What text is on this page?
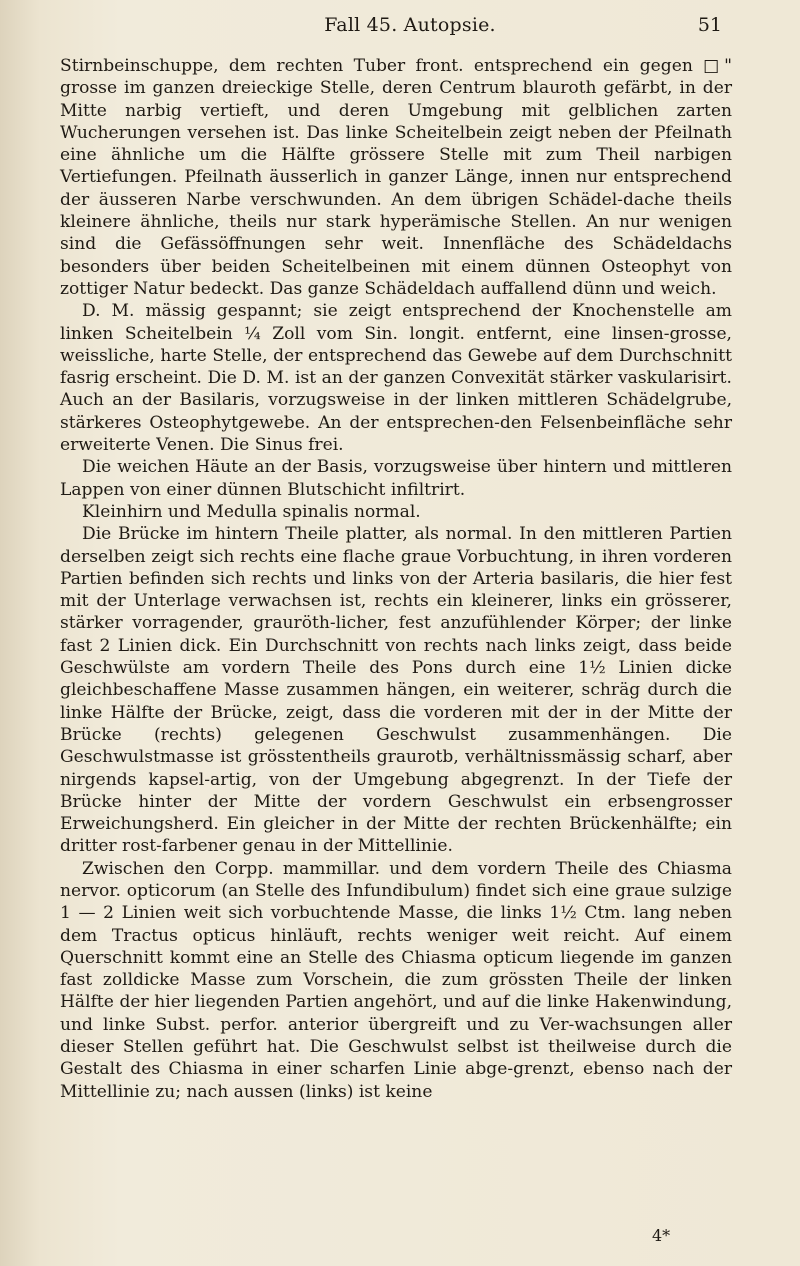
Fall 45. Autopsie.	51

Stirnbeinschuppe, dem rechten Tuber front. entsprechend ein gegen □" grosse im ganzen dreieckige Stelle, deren Centrum blauroth gefärbt, in der Mitte narbig vertieft, und deren Umgebung mit gelblichen zarten Wucherungen versehen ist. Das linke Scheitelbein zeigt neben der Pfeilnath eine ähnliche um die Hälfte grössere Stelle mit zum Theil narbigen Vertiefungen. Pfeilnath äusserlich in ganzer Länge, innen nur entsprechend der äusseren Narbe verschwunden. An dem übrigen Schädel-dache theils kleinere ähnliche, theils nur stark hyperämische Stellen. An nur wenigen sind die Gefässöffnungen sehr weit. Innenfläche des Schädeldachs besonders über beiden Scheitelbeinen mit einem dünnen Osteophyt von zottiger Natur bedeckt. Das ganze Schädeldach auffallend dünn und weich.

D. M. mässig gespannt; sie zeigt entsprechend der Knochenstelle am linken Scheitelbein ¼ Zoll vom Sin. longit. entfernt, eine linsen-grosse, weissliche, harte Stelle, der entsprechend das Gewebe auf dem Durchschnitt fasrig erscheint. Die D. M. ist an der ganzen Convexität stärker vaskularisirt. Auch an der Basilaris, vorzugsweise in der linken mittleren Schädelgrube, stärkeres Osteophytgewebe. An der entsprechen-den Felsenbeinfläche sehr erweiterte Venen. Die Sinus frei.

Die weichen Häute an der Basis, vorzugsweise über hintern und mittleren Lappen von einer dünnen Blutschicht infiltrirt.

Kleinhirn und Medulla spinalis normal.

Die Brücke im hintern Theile platter, als normal. In den mittleren Partien derselben zeigt sich rechts eine flache graue Vorbuchtung, in ihren vorderen Partien befinden sich rechts und links von der Arteria basilaris, die hier fest mit der Unterlage verwachsen ist, rechts ein kleinerer, links ein grösserer, stärker vorragender, grauröth-licher, fest anzufühlender Körper; der linke fast 2 Linien dick. Ein Durchschnitt von rechts nach links zeigt, dass beide Geschwülste am vordern Theile des Pons durch eine 1½ Linien dicke gleichbeschaffene Masse zusammen hängen, ein weiterer, schräg durch die linke Hälfte der Brücke, zeigt, dass die vorderen mit der in der Mitte der Brücke (rechts) gelegenen Geschwulst zusammenhängen. Die Geschwulstmasse ist grösstentheils graurotb, verhältnissmässig scharf, aber nirgends kapsel-artig, von der Umgebung abgegrenzt. In der Tiefe der Brücke hinter der Mitte der vordern Geschwulst ein erbsengrosser Erweichungsherd. Ein gleicher in der Mitte der rechten Brückenhälfte; ein dritter rost-farbener genau in der Mittellinie.

Zwischen den Corpp. mammillar. und dem vordern Theile des Chiasma nervor. opticorum (an Stelle des Infundibulum) findet sich eine graue sulzige 1 — 2 Linien weit sich vorbuchtende Masse, die links 1½ Ctm. lang neben dem Tractus opticus hinläuft, rechts weniger weit reicht. Auf einem Querschnitt kommt eine an Stelle des Chiasma opticum liegende im ganzen fast zolldicke Masse zum Vorschein, die zum grössten Theile der linken Hälfte der hier liegenden Partien angehört, und auf die linke Hakenwindung, und linke Subst. perfor. anterior übergreift und zu Ver-wachsungen aller dieser Stellen geführt hat. Die Geschwulst selbst ist theilweise durch die Gestalt des Chiasma in einer scharfen Linie abge-grenzt, ebenso nach der Mittellinie zu; nach aussen (links) ist keine

4*
